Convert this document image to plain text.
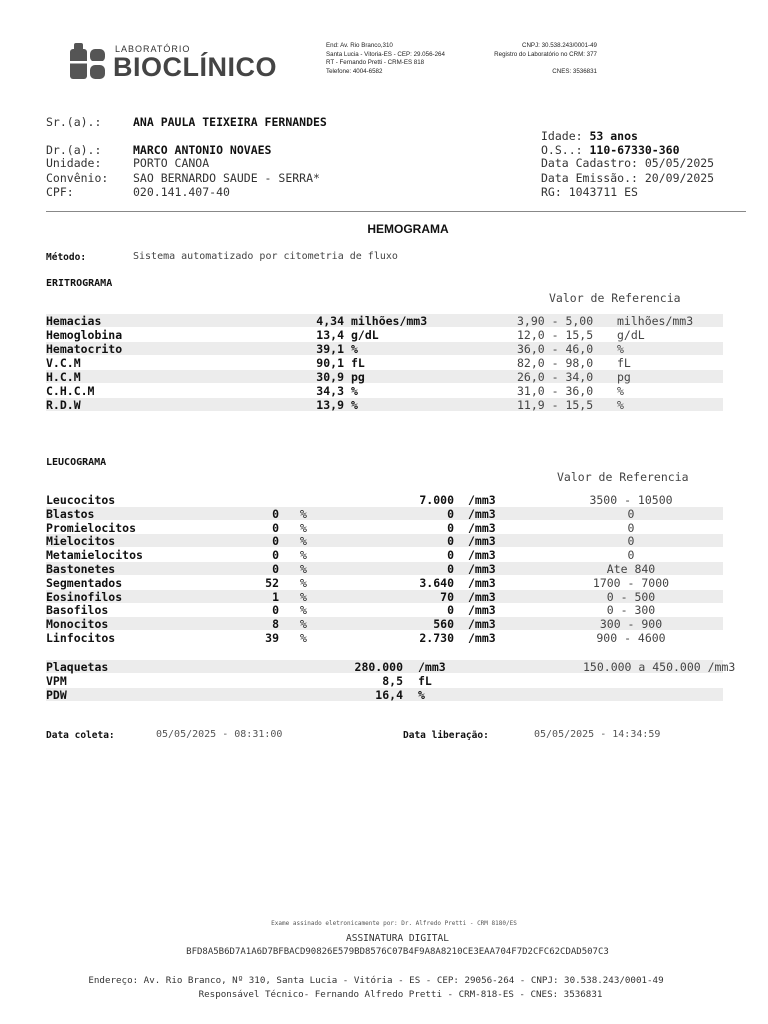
LABORATÓRIO
BIOCLÍNICO
End: Av. Rio Branco,310
Santa Lucia - Vitoria-ES - CEP: 29.056-264
RT - Fernando Pretti - CRM-ES 818
Telefone: 4004-6582
CNPJ: 30.538.243/0001-49
Registro do Laboratório no CRM: 377

CNES: 3536831
Sr.(a).:	ANA PAULA TEIXEIRA FERNANDES
Idade: 53 anos
Dr.(a).:	MARCO ANTONIO NOVAES	O.S..: 110-67330-360
Unidade:	PORTO CANOA	Data Cadastro: 05/05/2025
Convênio: SAO BERNARDO SAUDE - SERRA*	Data Emissão.: 20/09/2025
CPF:	020.141.407-40	RG: 1043711 ES
HEMOGRAMA
Método:	Sistema automatizado por citometria de fluxo
ERITROGRAMA
Valor de Referencia
Hemacias	4,34 milhões/mm3	3,90 - 5,00 milhões/mm3
Hemoglobina	13,4 g/dL	12,0 - 15,5 g/dL
Hematocrito	39,1 %	36,0 - 46,0 %
V.C.M	90,1 fL	82,0 - 98,0 fL
H.C.M	30,9 pg	26,0 - 34,0 pg
C.H.C.M	34,3 %	31,0 - 36,0 %
R.D.W	13,9 %	11,9 - 15,5 %
LEUCOGRAMA
Valor de Referencia
Leucocitos	7.000 /mm3	3500 - 10500
Blastos	0 %	0 /mm3	0
Promielocitos	0 %	0 /mm3	0
Mielocitos	0 %	0 /mm3	0
Metamielocitos	0 %	0 /mm3	0
Bastonetes	0 %	0 /mm3	Ate 840
Segmentados	52 %	3.640 /mm3	1700 - 7000
Eosinofilos	1 %	70 /mm3	0 - 500
Basofilos	0 %	0 /mm3	0 - 300
Monocitos	8 %	560 /mm3	300 - 900
Linfocitos	39 %	2.730 /mm3	900 - 4600
Plaquetas	280.000 /mm3	150.000 a 450.000 /mm3
VPM	8,5 fL
PDW	16,4 %
Data coleta:	05/05/2025 - 08:31:00	Data liberação:	05/05/2025 - 14:34:59
Exame assinado eletronicamente por: Dr. Alfredo Pretti - CRM 8180/ES
ASSINATURA DIGITAL
BFD8A5B6D7A1A6D7BFBACD90826E579BD8576C07B4F9A8A8210CE3EAA704F7D2CFC62CDAD507C3
Endereço: Av. Rio Branco, Nº 310, Santa Lucia - Vitória - ES - CEP: 29056-264 - CNPJ: 30.538.243/0001-49
Responsável Técnico- Fernando Alfredo Pretti - CRM-818-ES - CNES: 3536831
